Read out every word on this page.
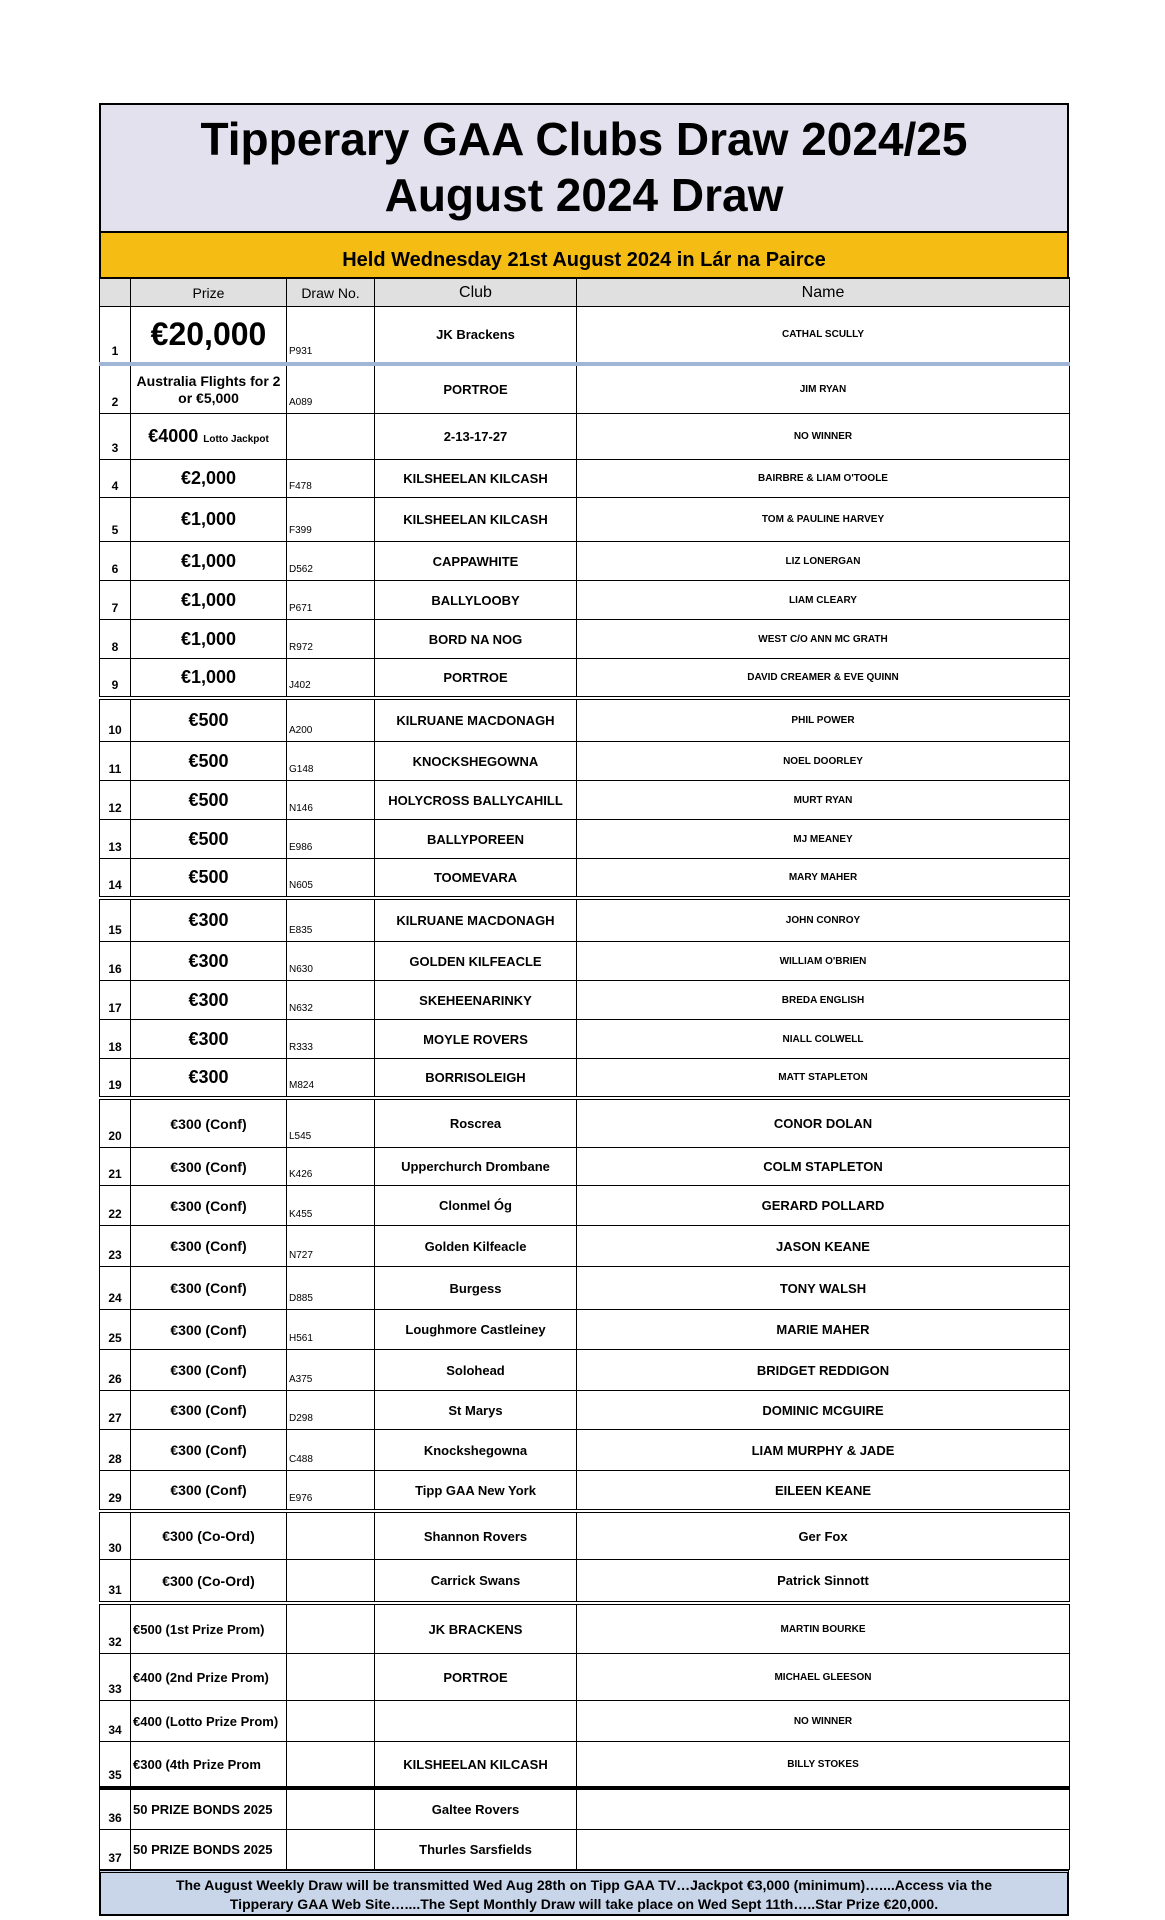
Tipperary GAA Clubs Draw 2024/25
August 2024 Draw
Held Wednesday 21st August 2024 in Lár na Pairce
	Prize	Draw No.	Club	Name
1	€20,000	P931	JK Brackens	CATHAL SCULLY
2	Australia Flights for 2 or €5,000	A089	PORTROE	JIM RYAN
3	€4000 Lotto Jackpot		2-13-17-27	NO WINNER
4	€2,000	F478	KILSHEELAN KILCASH	BAIRBRE & LIAM O'TOOLE
5	€1,000	F399	KILSHEELAN KILCASH	TOM & PAULINE HARVEY
6	€1,000	D562	CAPPAWHITE	LIZ LONERGAN
7	€1,000	P671	BALLYLOOBY	LIAM CLEARY
8	€1,000	R972	BORD NA NOG	WEST C/O ANN MC GRATH
9	€1,000	J402	PORTROE	DAVID CREAMER & EVE QUINN
10	€500	A200	KILRUANE MACDONAGH	PHIL POWER
11	€500	G148	KNOCKSHEGOWNA	NOEL DOORLEY
12	€500	N146	HOLYCROSS BALLYCAHILL	MURT RYAN
13	€500	E986	BALLYPOREEN	MJ MEANEY
14	€500	N605	TOOMEVARA	MARY MAHER
15	€300	E835	KILRUANE MACDONAGH	JOHN CONROY
16	€300	N630	GOLDEN KILFEACLE	WILLIAM O'BRIEN
17	€300	N632	SKEHEENARINKY	BREDA ENGLISH
18	€300	R333	MOYLE ROVERS	NIALL COLWELL
19	€300	M824	BORRISOLEIGH	MATT STAPLETON
20	€300 (Conf)	L545	Roscrea	CONOR DOLAN
21	€300 (Conf)	K426	Upperchurch Drombane	COLM STAPLETON
22	€300 (Conf)	K455	Clonmel Óg	GERARD POLLARD
23	€300 (Conf)	N727	Golden Kilfeacle	JASON KEANE
24	€300 (Conf)	D885	Burgess	TONY WALSH
25	€300 (Conf)	H561	Loughmore Castleiney	MARIE MAHER
26	€300 (Conf)	A375	Solohead	BRIDGET REDDIGON
27	€300 (Conf)	D298	St Marys	DOMINIC MCGUIRE
28	€300 (Conf)	C488	Knockshegowna	LIAM MURPHY & JADE
29	€300 (Conf)	E976	Tipp GAA New York	EILEEN KEANE
30	€300 (Co-Ord)		Shannon Rovers	Ger Fox
31	€300 (Co-Ord)		Carrick Swans	Patrick Sinnott
32	€500 (1st Prize Prom)		JK BRACKENS	MARTIN BOURKE
33	€400 (2nd Prize Prom)		PORTROE	MICHAEL GLEESON
34	€400 (Lotto Prize Prom)			NO WINNER
35	€300 (4th Prize Prom		KILSHEELAN KILCASH	BILLY STOKES
36	50 PRIZE BONDS 2025		Galtee Rovers	
37	50 PRIZE BONDS 2025		Thurles Sarsfields	
The August Weekly Draw will be transmitted Wed Aug 28th on Tipp GAA TV…Jackpot €3,000 (minimum)…....Access via the
Tipperary GAA Web Site…....The Sept Monthly Draw will take place on Wed Sept 11th…..Star Prize €20,000.
